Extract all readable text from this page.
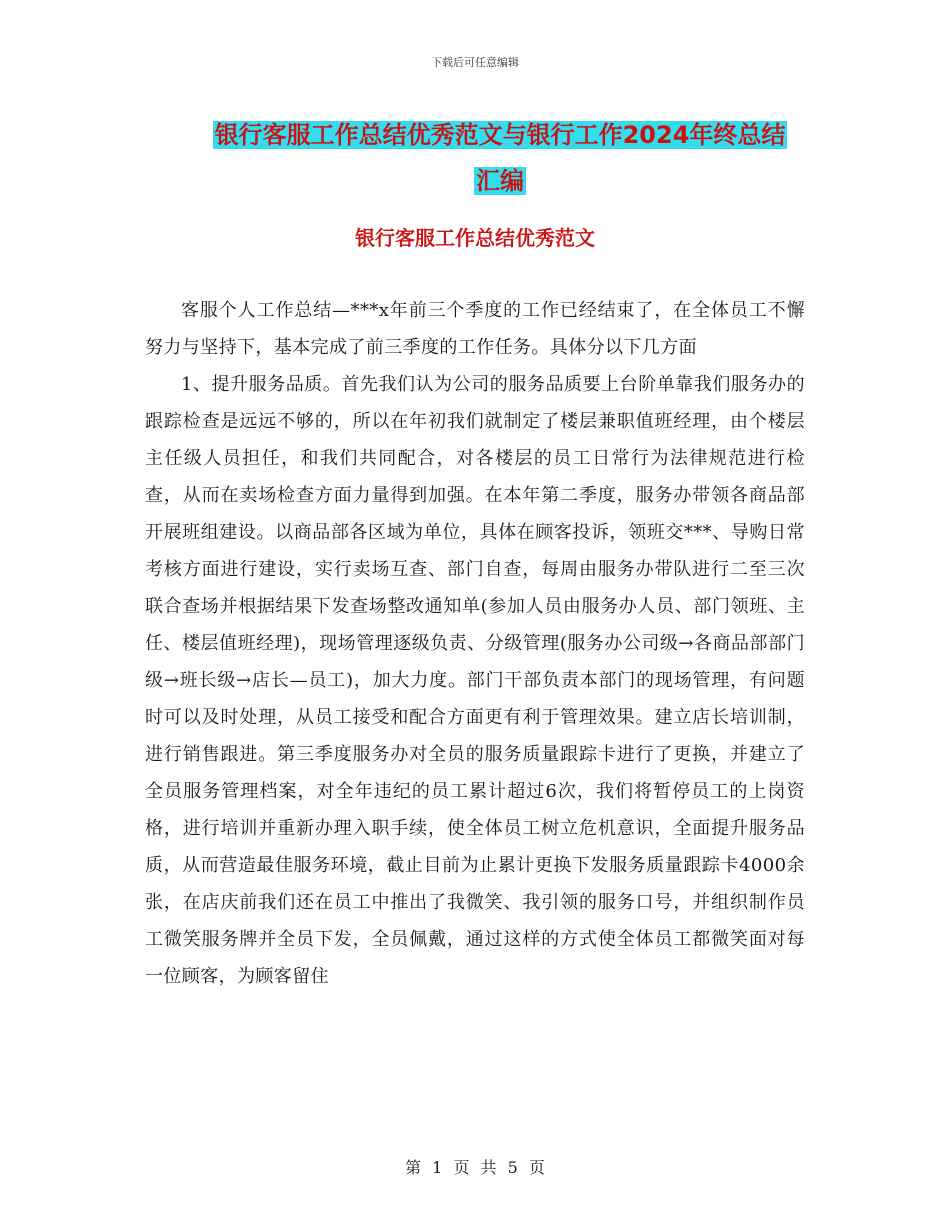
下载后可任意编辑
银行客服工作总结优秀范文与银行工作2024年终总结
汇编
银行客服工作总结优秀范文

客服个人工作总结—***x年前三个季度的工作已经结束了，在全体员工不懈努力与坚持下，基本完成了前三季度的工作任务。具体分以下几方面

1、提升服务品质。首先我们认为公司的服务品质要上台阶单靠我们服务办的跟踪检查是远远不够的，所以在年初我们就制定了楼层兼职值班经理，由个楼层主任级人员担任，和我们共同配合，对各楼层的员工日常行为法律规范进行检查，从而在卖场检查方面力量得到加强。在本年第二季度，服务办带领各商品部开展班组建设。以商品部各区域为单位，具体在顾客投诉，领班交***、导购日常考核方面进行建设，实行卖场互查、部门自查，每周由服务办带队进行二至三次联合查场并根据结果下发查场整改通知单(参加人员由服务办人员、部门领班、主任、楼层值班经理)，现场管理逐级负责、分级管理(服务办公司级→各商品部部门级→班长级→店长—员工)，加大力度。部门干部负责本部门的现场管理，有问题时可以及时处理，从员工接受和配合方面更有利于管理效果。建立店长培训制，进行销售跟进。第三季度服务办对全员的服务质量跟踪卡进行了更换，并建立了全员服务管理档案，对全年违纪的员工累计超过6次，我们将暂停员工的上岗资格，进行培训并重新办理入职手续，使全体员工树立危机意识，全面提升服务品质，从而营造最佳服务环境，截止目前为止累计更换下发服务质量跟踪卡4000余张，在店庆前我们还在员工中推出了我微笑、我引领的服务口号，并组织制作员工微笑服务牌并全员下发，全员佩戴，通过这样的方式使全体员工都微笑面对每一位顾客，为顾客留住

第 1 页 共 5 页
